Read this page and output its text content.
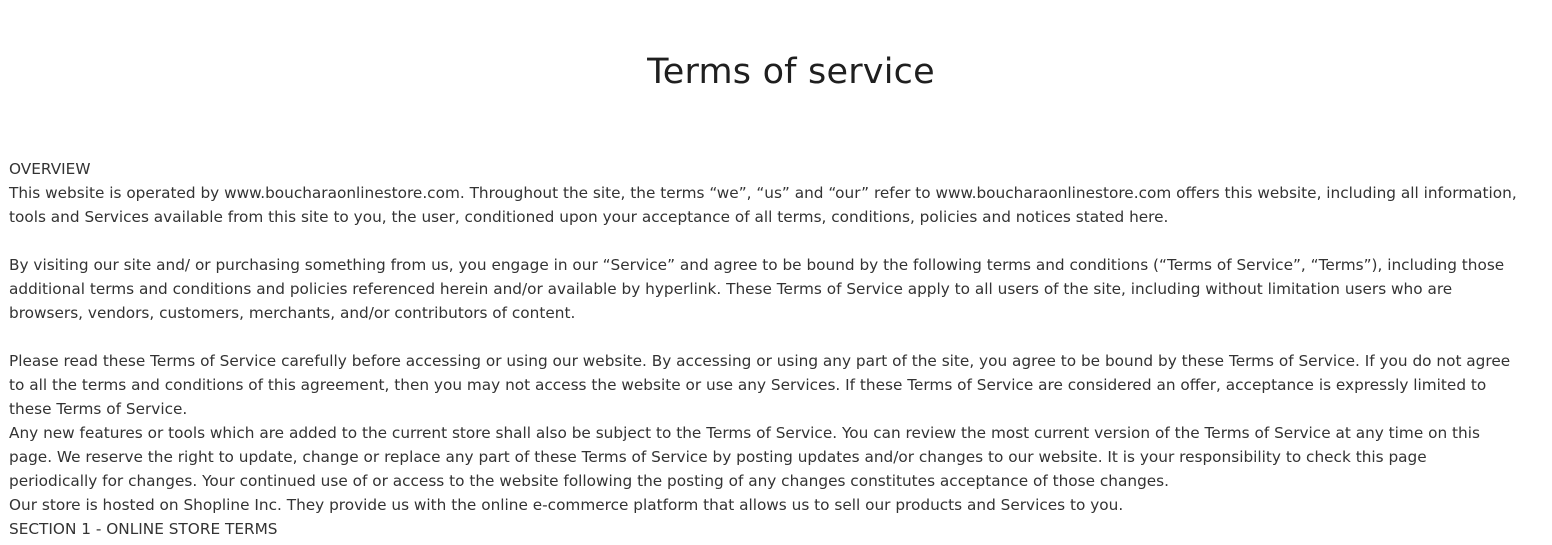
Terms of service

OVERVIEW

This website is operated by www.boucharaonlinestore.com. Throughout the site, the terms “we”, “us” and “our” refer to www.boucharaonlinestore.com offers this website, including all information,

tools and Services available from this site to you, the user, conditioned upon your acceptance of all terms, conditions, policies and notices stated here.

By visiting our site and/ or purchasing something from us, you engage in our “Service” and agree to be bound by the following terms and conditions (“Terms of Service”, “Terms”), including those

additional terms and conditions and policies referenced herein and/or available by hyperlink. These Terms of Service apply to all users of the site, including without limitation users who are

browsers, vendors, customers, merchants, and/or contributors of content.

Please read these Terms of Service carefully before accessing or using our website. By accessing or using any part of the site, you agree to be bound by these Terms of Service. If you do not agree

to all the terms and conditions of this agreement, then you may not access the website or use any Services. If these Terms of Service are considered an offer, acceptance is expressly limited to

these Terms of Service.

Any new features or tools which are added to the current store shall also be subject to the Terms of Service. You can review the most current version of the Terms of Service at any time on this

page. We reserve the right to update, change or replace any part of these Terms of Service by posting updates and/or changes to our website. It is your responsibility to check this page

periodically for changes. Your continued use of or access to the website following the posting of any changes constitutes acceptance of those changes.

Our store is hosted on Shopline Inc. They provide us with the online e-commerce platform that allows us to sell our products and Services to you.

SECTION 1 - ONLINE STORE TERMS
